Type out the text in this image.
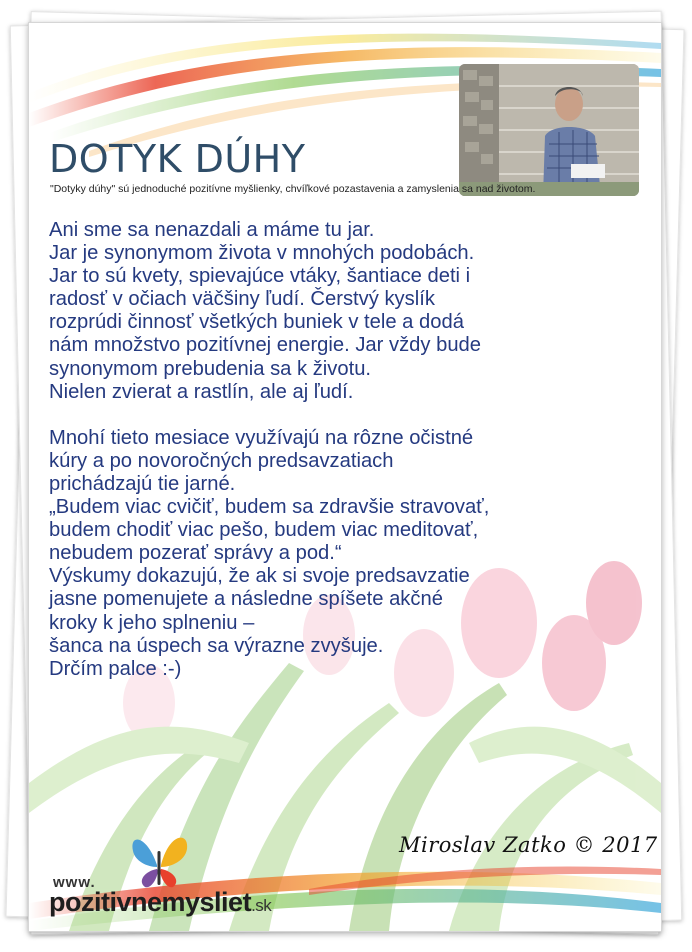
DOTYK DÚHY
"Dotyky dúhy" sú jednoduché pozitívne myšlienky, chvíľkové pozastavenia a zamyslenia sa nad životom.

Ani sme sa nenazdali a máme tu jar.

Jar je synonymom života v mnohých podobách.

Jar to sú kvety, spievajúce vtáky, šantiace deti i

radosť v očiach väčšiny ľudí. Čerstvý kyslík

rozprúdi činnosť všetkých buniek v tele a dodá

nám množstvo pozitívnej energie. Jar vždy bude

synonymom prebudenia sa k životu.

Nielen zvierat a rastlín, ale aj ľudí.

Mnohí tieto mesiace využívajú na rôzne očistné

kúry a po novoročných predsavzatiach

prichádzajú tie jarné.

„Budem viac cvičiť, budem sa zdravšie stravovať,

budem chodiť viac pešo, budem viac meditovať,

nebudem pozerať správy a pod.“

Výskumy dokazujú, že ak si svoje predsavzatie

jasne pomenujete a následne spíšete akčné

kroky k jeho splneniu –

šanca na úspech sa výrazne zvyšuje.

Drčím palce :-)

Miroslav Zatko © 2017
www.
pozitivnemysliet.sk
